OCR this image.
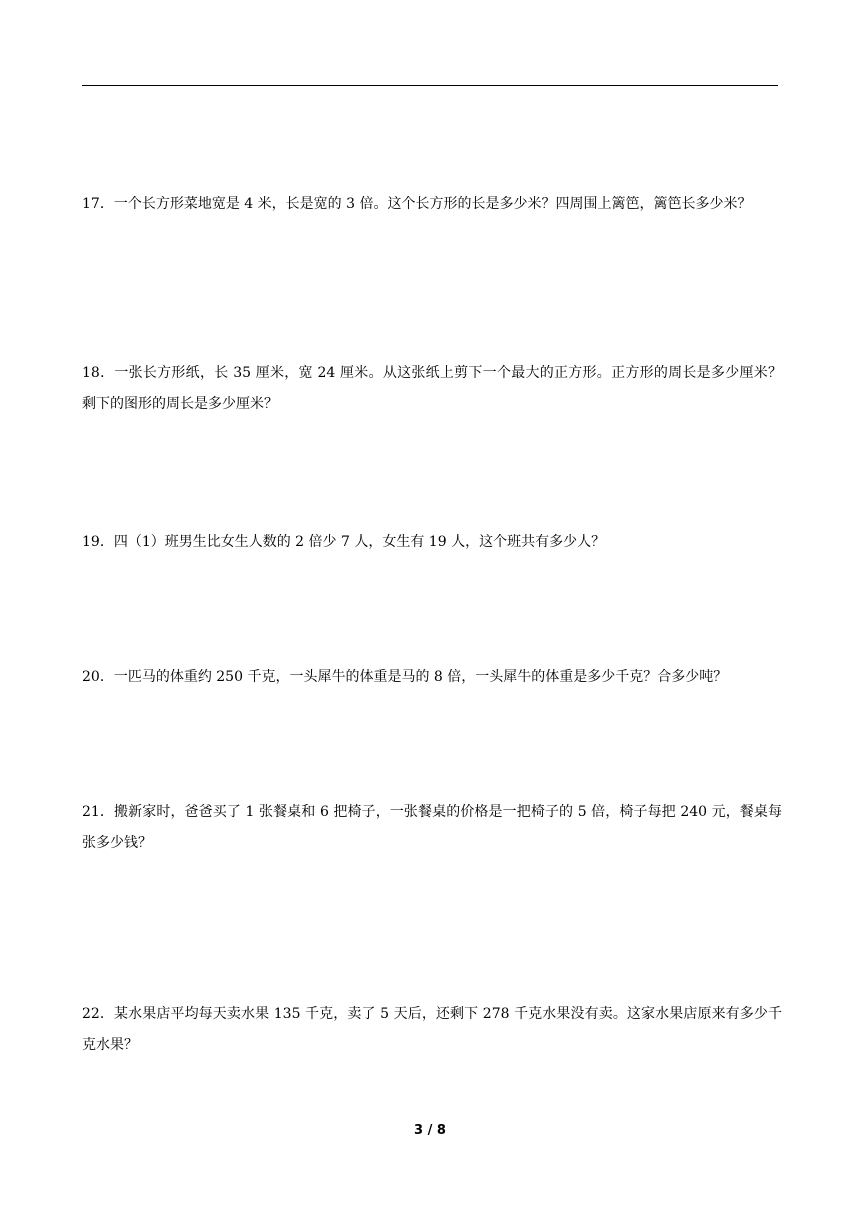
17．一个长方形菜地宽是 4 米，长是宽的 3 倍。这个长方形的长是多少米？四周围上篱笆，篱笆长多少米？

18．一张长方形纸，长 35 厘米，宽 24 厘米。从这张纸上剪下一个最大的正方形。正方形的周长是多少厘米？剩下的图形的周长是多少厘米？

19．四（1）班男生比女生人数的 2 倍少 7 人，女生有 19 人，这个班共有多少人？

20．一匹马的体重约 250 千克，一头犀牛的体重是马的 8 倍，一头犀牛的体重是多少千克？合多少吨？

21．搬新家时，爸爸买了 1 张餐桌和 6 把椅子，一张餐桌的价格是一把椅子的 5 倍，椅子每把 240 元，餐桌每张多少钱？

22．某水果店平均每天卖水果 135 千克，卖了 5 天后，还剩下 278 千克水果没有卖。这家水果店原来有多少千克水果？

3 / 8
